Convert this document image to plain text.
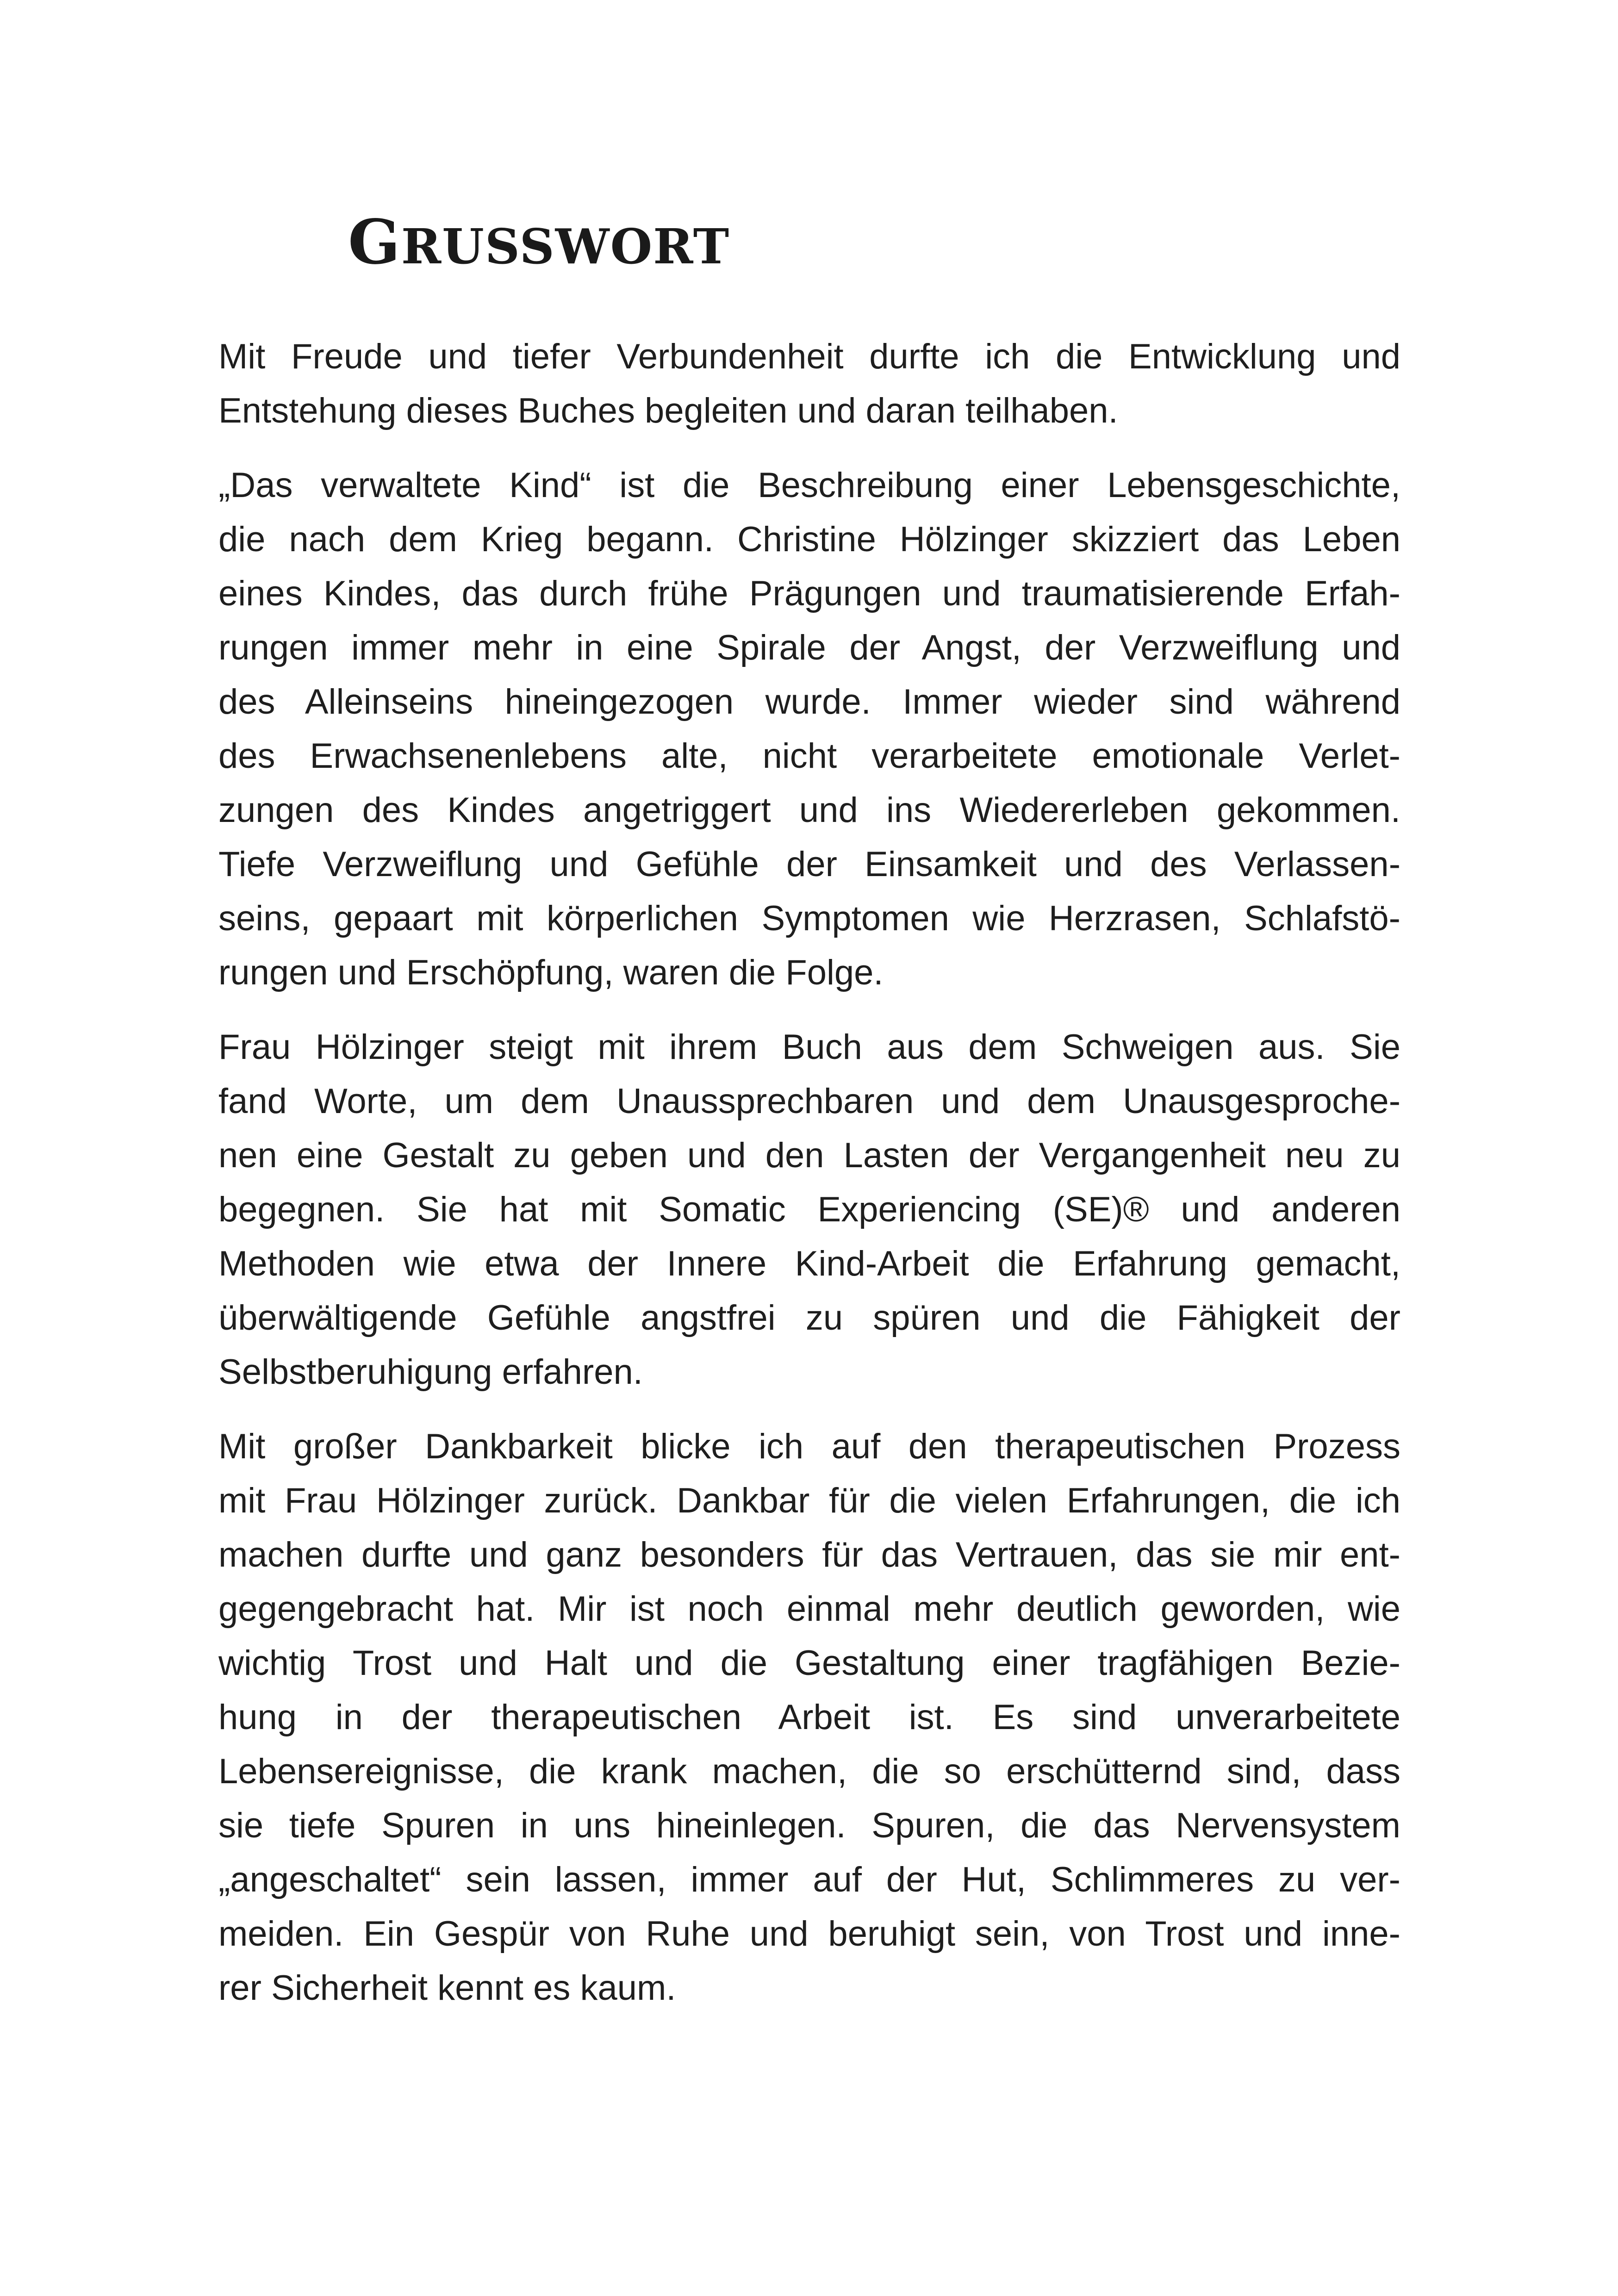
GRUSSWORT

Mit Freude und tiefer Verbundenheit durfte ich die Entwicklung und
Entstehung dieses Buches begleiten und daran teilhaben.

„Das verwaltete Kind“ ist die Beschreibung einer Lebensgeschichte,
die nach dem Krieg begann. Christine Hölzinger skizziert das Leben
eines Kindes, das durch frühe Prägungen und traumatisierende Erfah-
rungen immer mehr in eine Spirale der Angst, der Verzweiflung und
des Alleinseins hineingezogen wurde. Immer wieder sind während
des Erwachsenenlebens alte, nicht verarbeitete emotionale Verlet-
zungen des Kindes angetriggert und ins Wiedererleben gekommen.
Tiefe Verzweiflung und Gefühle der Einsamkeit und des Verlassen-
seins, gepaart mit körperlichen Symptomen wie Herzrasen, Schlafstö-
rungen und Erschöpfung, waren die Folge.

Frau Hölzinger steigt mit ihrem Buch aus dem Schweigen aus. Sie
fand Worte, um dem Unaussprechbaren und dem Unausgesproche-
nen eine Gestalt zu geben und den Lasten der Vergangenheit neu zu
begegnen. Sie hat mit Somatic Experiencing (SE)® und anderen
Methoden wie etwa der Innere Kind-Arbeit die Erfahrung gemacht,
überwältigende Gefühle angstfrei zu spüren und die Fähigkeit der
Selbstberuhigung erfahren.

Mit großer Dankbarkeit blicke ich auf den therapeutischen Prozess
mit Frau Hölzinger zurück. Dankbar für die vielen Erfahrungen, die ich
machen durfte und ganz besonders für das Vertrauen, das sie mir ent-
gegengebracht hat. Mir ist noch einmal mehr deutlich geworden, wie
wichtig Trost und Halt und die Gestaltung einer tragfähigen Bezie-
hung in der therapeutischen Arbeit ist. Es sind unverarbeitete
Lebensereignisse, die krank machen, die so erschütternd sind, dass
sie tiefe Spuren in uns hineinlegen. Spuren, die das Nervensystem
„angeschaltet“ sein lassen, immer auf der Hut, Schlimmeres zu ver-
meiden. Ein Gespür von Ruhe und beruhigt sein, von Trost und inne-
rer Sicherheit kennt es kaum.
